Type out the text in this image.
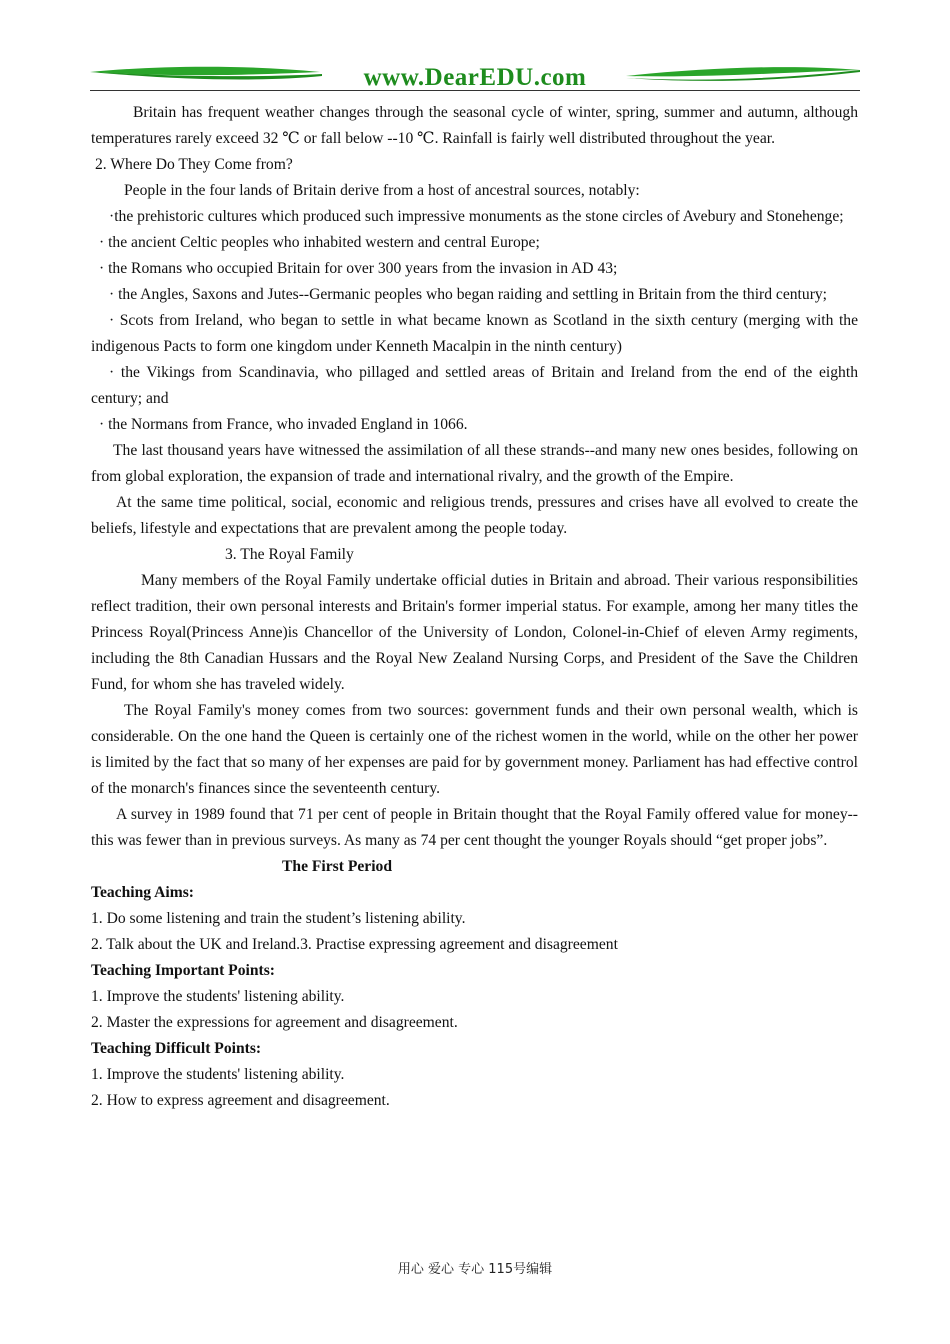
www.DearEDU.com

Britain has frequent weather changes through the seasonal cycle of winter, spring, summer and autumn, although temperatures rarely exceed 32 ℃ or fall below --10 ℃. Rainfall is fairly well distributed throughout the year.

2. Where Do They Come from?

People in the four lands of Britain derive from a host of ancestral sources, notably:

·the prehistoric cultures which produced such impressive monuments as the stone circles of Avebury and Stonehenge;

· the ancient Celtic peoples who inhabited western and central Europe;

· the Romans who occupied Britain for over 300 years from the invasion in AD 43;

· the Angles, Saxons and Jutes--Germanic peoples who began raiding and settling in Britain from the third century;

· Scots from Ireland, who began to settle in what became known as Scotland in the sixth century (merging with the indigenous Pacts to form one kingdom under Kenneth Macalpin in the ninth century)

· the Vikings from Scandinavia, who pillaged and settled areas of Britain and Ireland from the end of the eighth century; and

· the Normans from France, who invaded England in 1066.

The last thousand years have witnessed the assimilation of all these strands--and many new ones besides, following on from global exploration, the expansion of trade and international rivalry, and the growth of the Empire.

At the same time political, social, economic and religious trends, pressures and crises have all evolved to create the beliefs, lifestyle and expectations that are prevalent among the people today.

3. The Royal Family

Many members of the Royal Family undertake official duties in Britain and abroad. Their various responsibilities reflect tradition, their own personal interests and Britain's former imperial status. For example, among her many titles the Princess Royal(Princess Anne)is Chancellor of the University of London, Colonel-in-Chief of eleven Army regiments, including the 8th Canadian Hussars and the Royal New Zealand Nursing Corps, and President of the Save the Children Fund, for whom she has traveled widely.

The Royal Family's money comes from two sources: government funds and their own personal wealth, which is considerable. On the one hand the Queen is certainly one of the richest women in the world, while on the other her power is limited by the fact that so many of her expenses are paid for by government money. Parliament has had effective control of the monarch's finances since the seventeenth century.

A survey in 1989 found that 71 per cent of people in Britain thought that the Royal Family offered value for money--this was fewer than in previous surveys. As many as 74 per cent thought the younger Royals should “get proper jobs”.

The First Period

Teaching Aims:

1. Do some listening and train the student’s listening ability.

2. Talk about the UK and Ireland.3. Practise expressing agreement and disagreement

Teaching Important Points:

1. Improve the students' listening ability.

2. Master the expressions for agreement and disagreement.

Teaching Difficult Points:

1. Improve the students' listening ability.

2. How to express agreement and disagreement.

用心 爱心 专心 115号编辑
